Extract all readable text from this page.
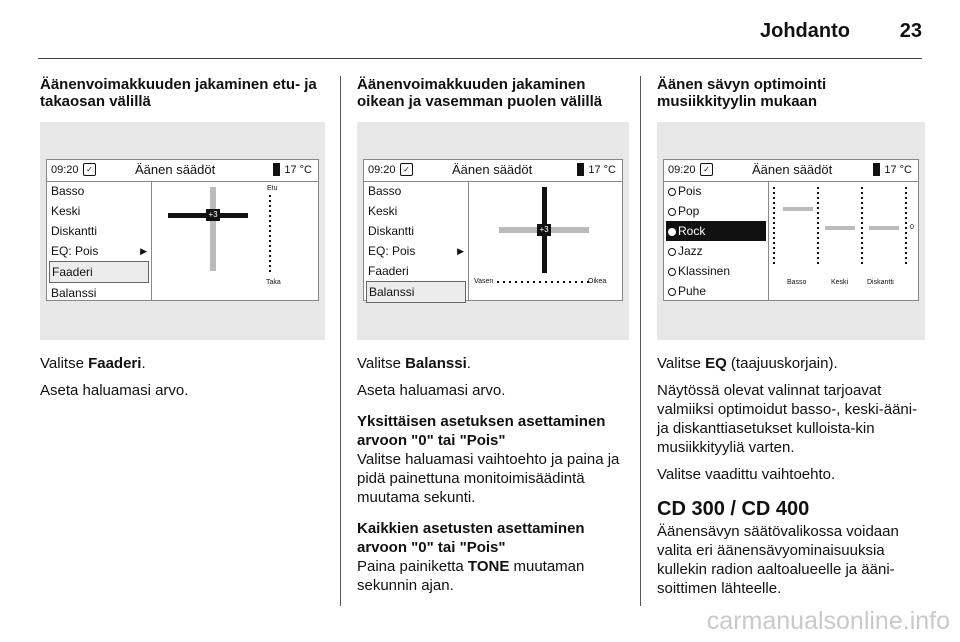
Johdanto 23
Äänenvoimakkuuden jakaminen etu- ja takaosan välillä
09:20 ✓	Äänen säädöt	17 °C
Basso
Keski
Diskantti
EQ: Pois	▶
Faaderi
Balanssi
+3
Etu
Taka

Valitse Faaderi.

Aseta haluamasi arvo.

Äänenvoimakkuuden jakaminen oikean ja vasemman puolen välillä
09:20 ✓	Äänen säädöt	17 °C
Basso
Keski
Diskantti
EQ: Pois	▶
Faaderi
Balanssi
+3
Vasen	Oikea

Valitse Balanssi.

Aseta haluamasi arvo.

Yksittäisen asetuksen asettaminen arvoon "0" tai "Pois"

Valitse haluamasi vaihtoehto ja paina ja pidä painettuna monitoimisäädintä muutama sekunti.

Kaikkien asetusten asettaminen arvoon "0" tai "Pois"

Paina painiketta TONE muutaman sekunnin ajan.

Äänen sävyn optimointi musiikkityylin mukaan
09:20 ✓	Äänen säädöt	17 °C
Pois
Pop
Rock
Jazz
Klassinen
Puhe
0
Basso	Keski	Diskantti

Valitse EQ (taajuuskorjain).

Näytössä olevat valinnat tarjoavat valmiiksi optimoidut basso-, keski-ääni- ja diskanttiasetukset kulloista-kin musiikkityyliä varten.

Valitse vaadittu vaihtoehto.

CD 300 / CD 400

Äänensävyn säätövalikossa voidaan valita eri äänensävyominaisuuksia kullekin radion aaltoalueelle ja ääni-soittimen lähteelle.

carmanualsonline.info
